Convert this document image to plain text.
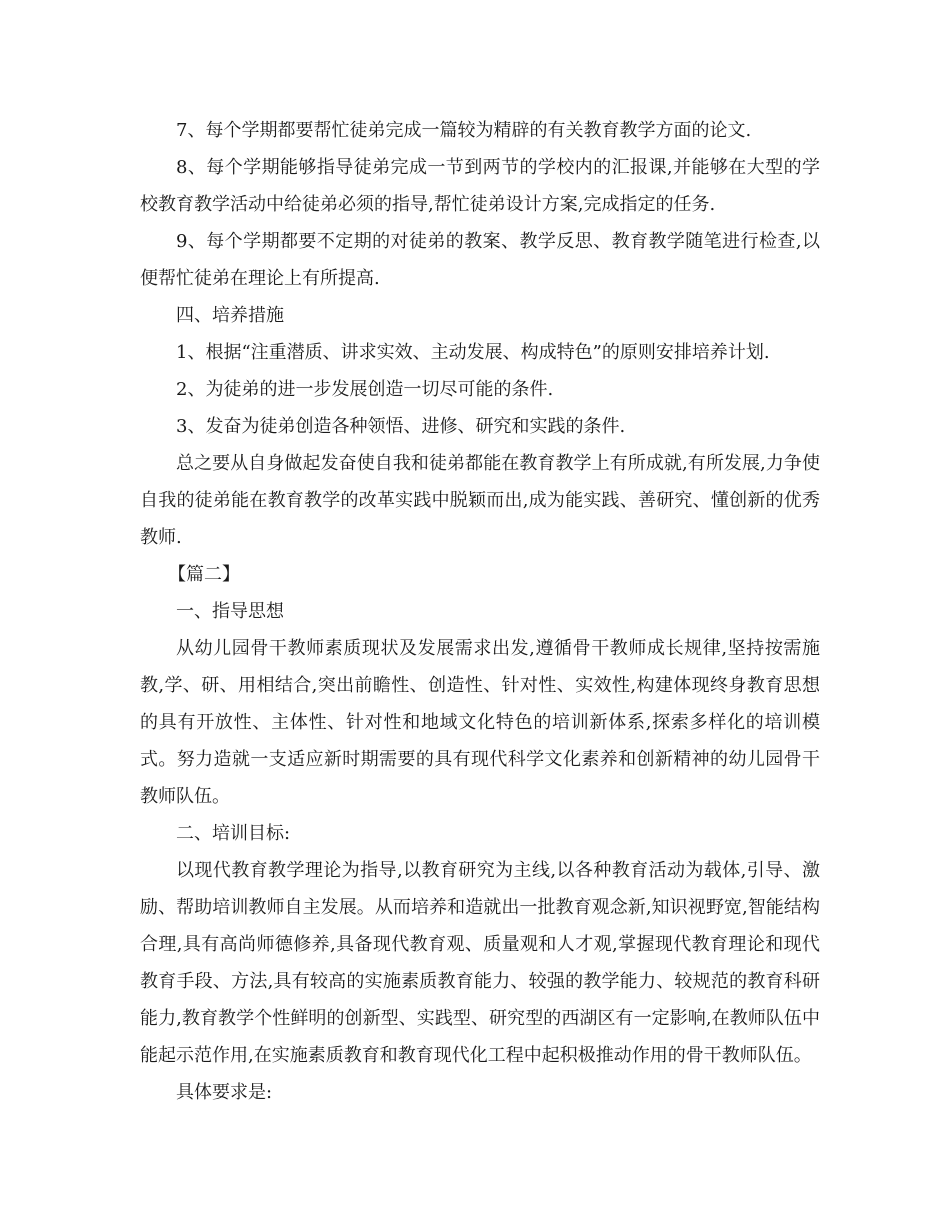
7、每个学期都要帮忙徒弟完成一篇较为精辟的有关教育教学方面的论文.

8、每个学期能够指导徒弟完成一节到两节的学校内的汇报课,并能够在大型的学校教育教学活动中给徒弟必须的指导,帮忙徒弟设计方案,完成指定的任务.

9、每个学期都要不定期的对徒弟的教案、教学反思、教育教学随笔进行检查,以便帮忙徒弟在理论上有所提高.

四、培养措施

1、根据“注重潜质、讲求实效、主动发展、构成特色”的原则安排培养计划.

2、为徒弟的进一步发展创造一切尽可能的条件.

3、发奋为徒弟创造各种领悟、进修、研究和实践的条件.

总之要从自身做起发奋使自我和徒弟都能在教育教学上有所成就,有所发展,力争使自我的徒弟能在教育教学的改革实践中脱颖而出,成为能实践、善研究、懂创新的优秀教师.

【篇二】

一、指导思想

从幼儿园骨干教师素质现状及发展需求出发,遵循骨干教师成长规律,坚持按需施教,学、研、用相结合,突出前瞻性、创造性、针对性、实效性,构建体现终身教育思想的具有开放性、主体性、针对性和地域文化特色的培训新体系,探索多样化的培训模式。努力造就一支适应新时期需要的具有现代科学文化素养和创新精神的幼儿园骨干教师队伍。

二、培训目标:

以现代教育教学理论为指导,以教育研究为主线,以各种教育活动为载体,引导、激励、帮助培训教师自主发展。从而培养和造就出一批教育观念新,知识视野宽,智能结构合理,具有高尚师德修养,具备现代教育观、质量观和人才观,掌握现代教育理论和现代教育手段、方法,具有较高的实施素质教育能力、较强的教学能力、较规范的教育科研能力,教育教学个性鲜明的创新型、实践型、研究型的西湖区有一定影响,在教师队伍中能起示范作用,在实施素质教育和教育现代化工程中起积极推动作用的骨干教师队伍。

具体要求是:
